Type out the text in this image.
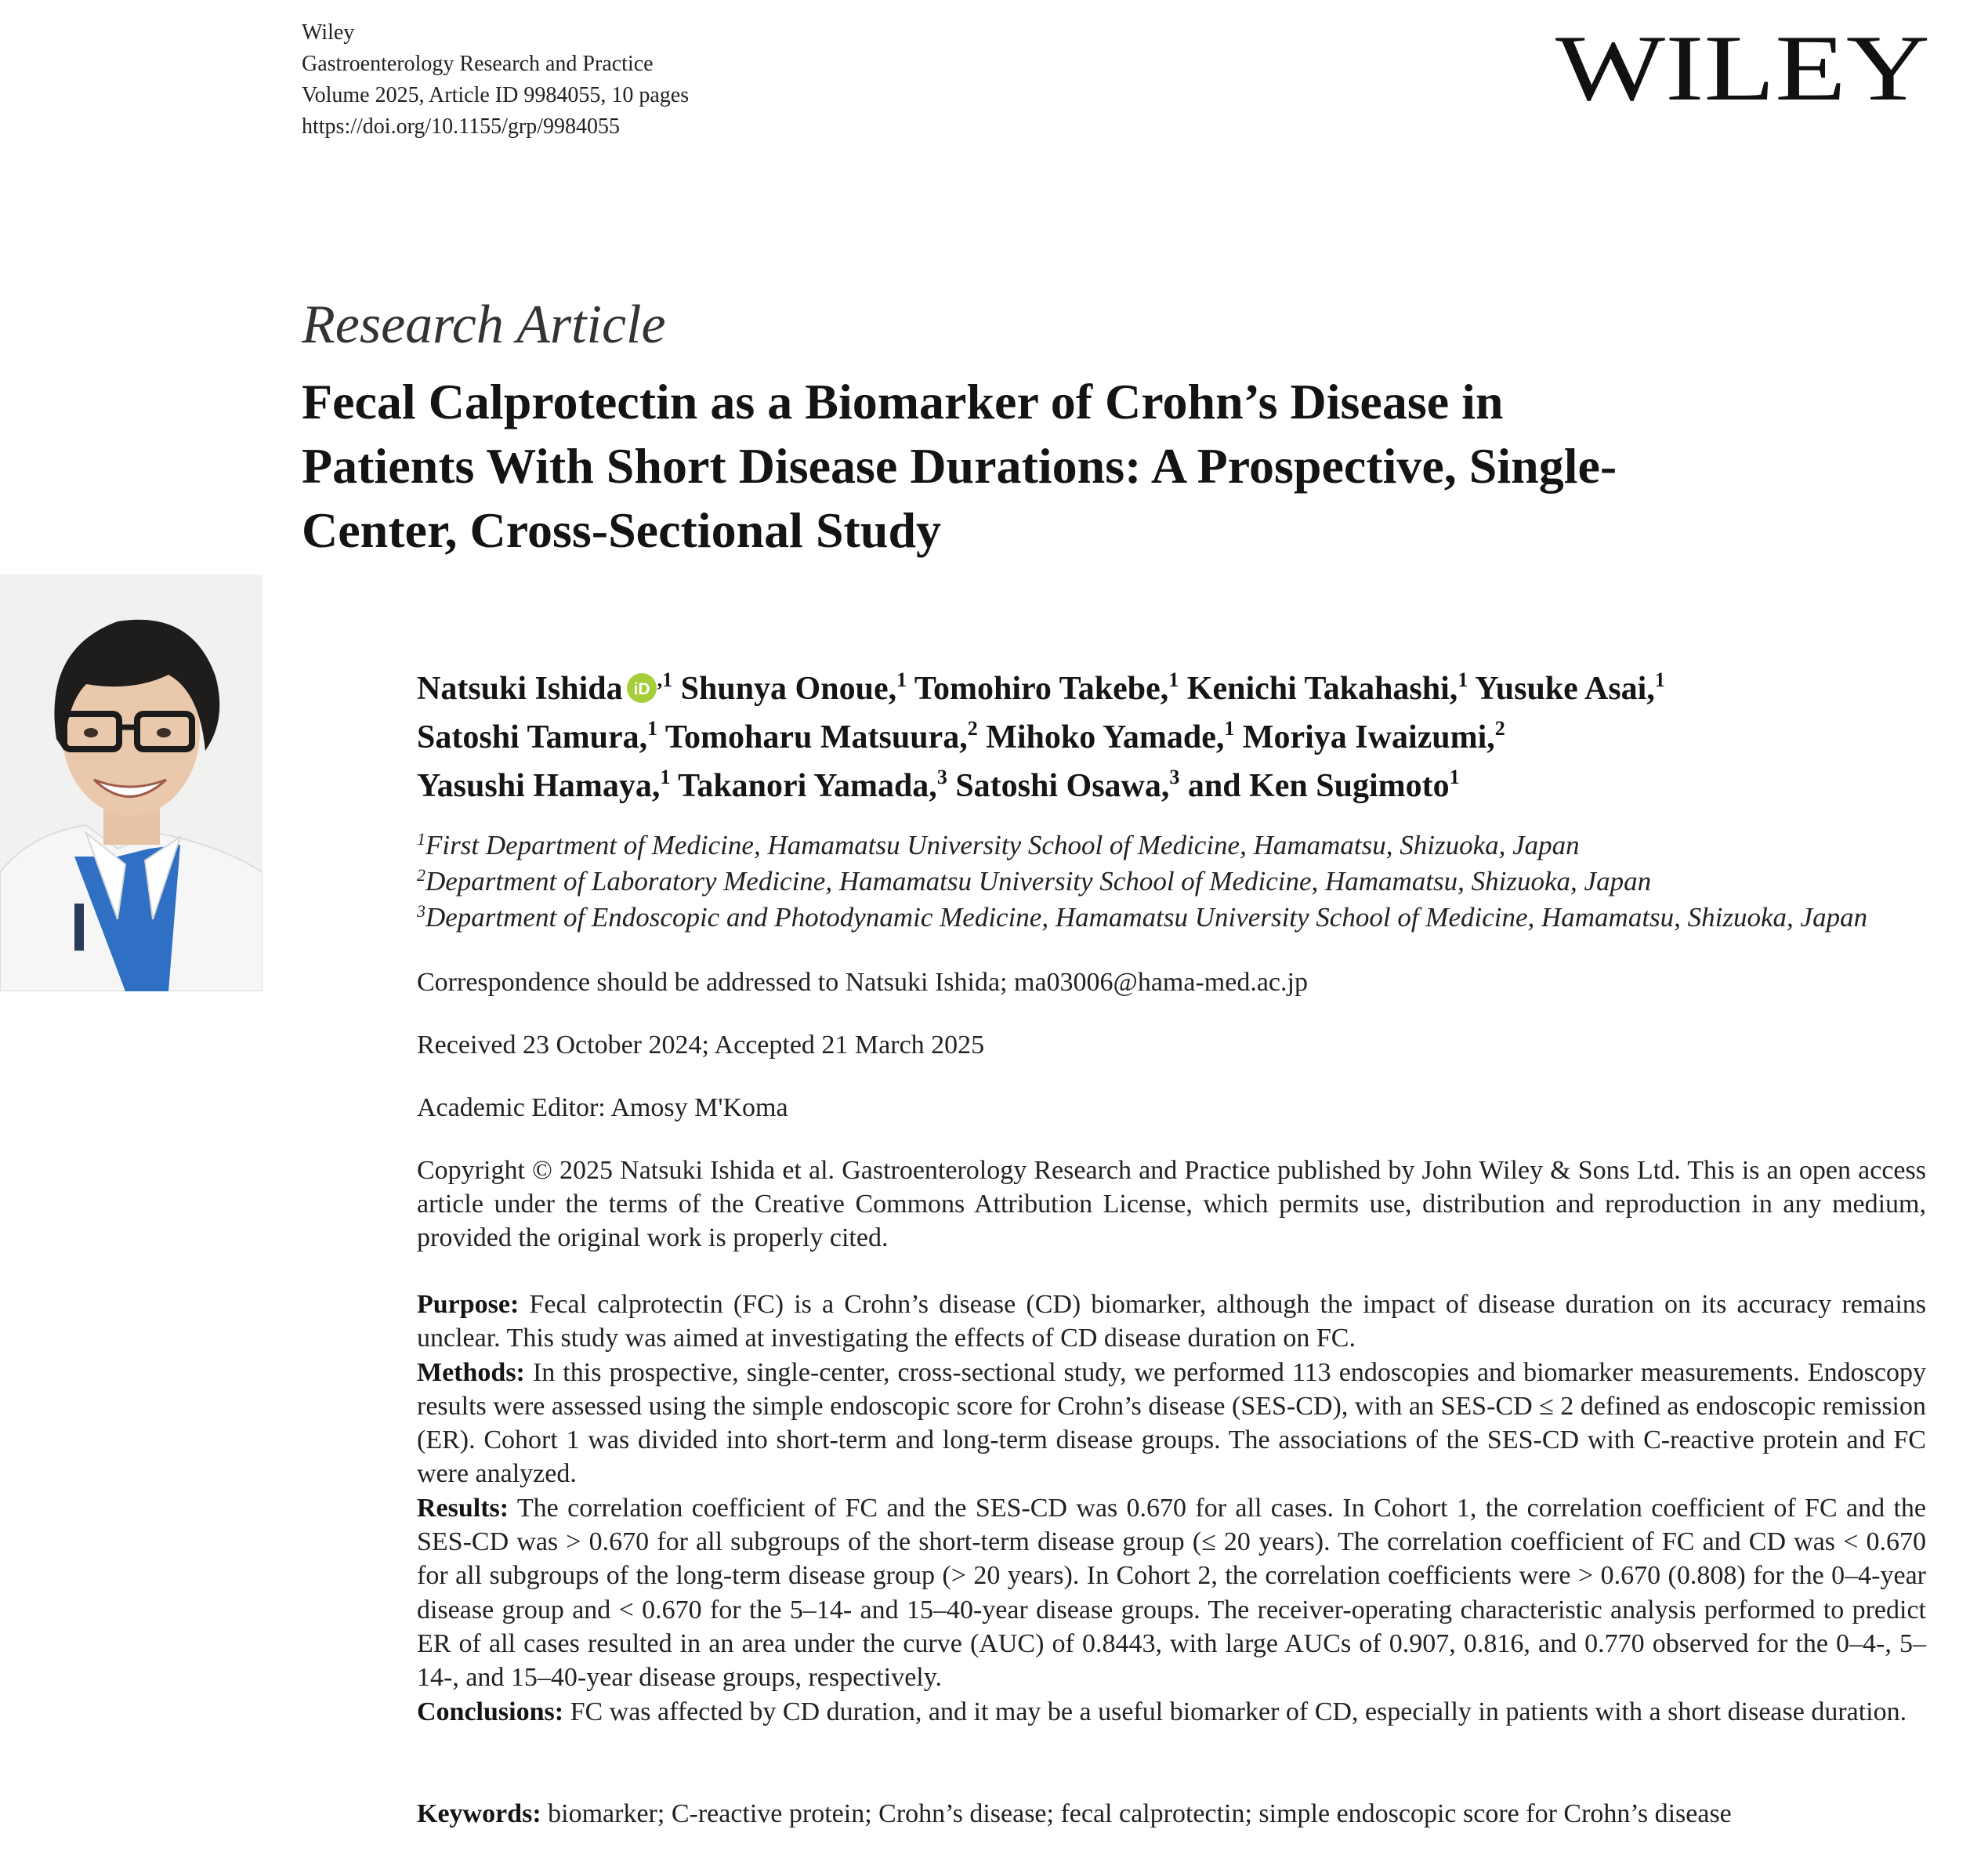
Wiley
Gastroenterology Research and Practice
Volume 2025, Article ID 9984055, 10 pages
https://doi.org/10.1155/grp/9984055
WILEY
Research Article
Fecal Calprotectin as a Biomarker of Crohn’s Disease in
Patients With Short Disease Durations: A Prospective, Single-
Center, Cross-Sectional Study
Natsuki Ishida iD $^{,1}$ Shunya Onoue,$^1$ Tomohiro Takebe,$^1$ Kenichi Takahashi,$^1$ Yusuke Asai,$^1$
Satoshi Tamura,$^1$ Tomoharu Matsuura,$^2$ Mihoko Yamade,$^1$ Moriya Iwaizumi,$^2$
Yasushi Hamaya,$^1$ Takanori Yamada,$^3$ Satoshi Osawa,$^3$ and Ken Sugimoto$^1$
$^1$First Department of Medicine, Hamamatsu University School of Medicine, Hamamatsu, Shizuoka, Japan
$^2$Department of Laboratory Medicine, Hamamatsu University School of Medicine, Hamamatsu, Shizuoka, Japan
$^3$Department of Endoscopic and Photodynamic Medicine, Hamamatsu University School of Medicine, Hamamatsu, Shizuoka, Japan
Correspondence should be addressed to Natsuki Ishida; ma03006@hama-med.ac.jp
Received 23 October 2024; Accepted 21 March 2025
Academic Editor: Amosy M'Koma
Copyright © 2025 Natsuki Ishida et al. Gastroenterology Research and Practice published by John Wiley & Sons Ltd. This is an open access article under the terms of the Creative Commons Attribution License, which permits use, distribution and reproduction in any medium, provided the original work is properly cited.

Purpose: Fecal calprotectin (FC) is a Crohn’s disease (CD) biomarker, although the impact of disease duration on its accuracy remains unclear. This study was aimed at investigating the effects of CD disease duration on FC.

Methods: In this prospective, single-center, cross-sectional study, we performed 113 endoscopies and biomarker measurements. Endoscopy results were assessed using the simple endoscopic score for Crohn’s disease (SES-CD), with an SES-CD ≤ 2 defined as endoscopic remission (ER). Cohort 1 was divided into short-term and long-term disease groups. The associations of the SES-CD with C-reactive protein and FC were analyzed.

Results: The correlation coefficient of FC and the SES-CD was 0.670 for all cases. In Cohort 1, the correlation coefficient of FC and the SES-CD was > 0.670 for all subgroups of the short-term disease group (≤ 20 years). The correlation coefficient of FC and CD was < 0.670 for all subgroups of the long-term disease group (> 20 years). In Cohort 2, the correlation coefficients were > 0.670 (0.808) for the 0–4-year disease group and < 0.670 for the 5–14- and 15–40-year disease groups. The receiver-operating characteristic analysis performed to predict ER of all cases resulted in an area under the curve (AUC) of 0.8443, with large AUCs of 0.907, 0.816, and 0.770 observed for the 0–4-, 5–14-, and 15–40-year disease groups, respectively.

Conclusions: FC was affected by CD duration, and it may be a useful biomarker of CD, especially in patients with a short disease duration.

Keywords: biomarker; C-reactive protein; Crohn’s disease; fecal calprotectin; simple endoscopic score for Crohn’s disease
